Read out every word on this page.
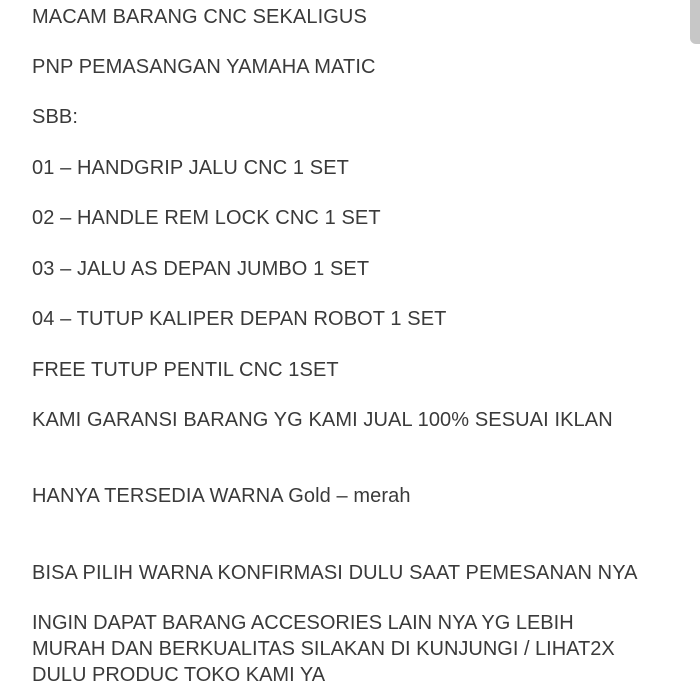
MACAM BARANG CNC SEKALIGUS
PNP PEMASANGAN YAMAHA MATIC
SBB:
01 – HANDGRIP JALU CNC 1 SET
02 – HANDLE REM LOCK CNC 1 SET
03 – JALU AS DEPAN JUMBO 1 SET
04 – TUTUP KALIPER DEPAN ROBOT 1 SET
FREE TUTUP PENTIL CNC 1SET
KAMI GARANSI BARANG YG KAMI JUAL 100% SESUAI IKLAN
HANYA TERSEDIA WARNA Gold – merah
BISA PILIH WARNA KONFIRMASI DULU SAAT PEMESANAN NYA
INGIN DAPAT BARANG ACCESORIES LAIN NYA YG LEBIH
MURAH DAN BERKUALITAS SILAKAN DI KUNJUNGI / LIHAT2X
DULU PRODUC TOKO KAMI YA
